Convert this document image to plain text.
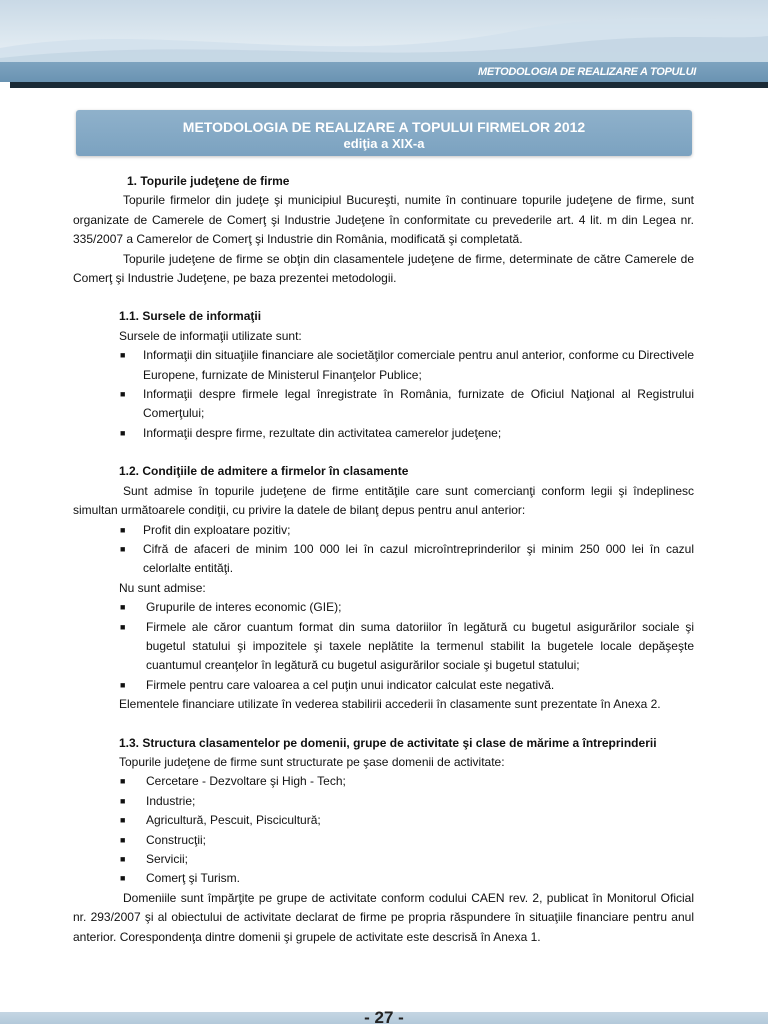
METODOLOGIA DE REALIZARE A TOPULUI
METODOLOGIA DE REALIZARE A TOPULUI FIRMELOR 2012
ediţia a XIX-a

1. Topurile judeţene de firme

Topurile firmelor din judeţe şi municipiul Bucureşti, numite în continuare topurile judeţene de firme, sunt organizate de Camerele de Comerţ şi Industrie Judeţene în conformitate cu prevederile art. 4 lit. m din Legea nr. 335/2007 a Camerelor de Comerţ şi Industrie din România, modificată şi completată.

Topurile judeţene de firme se obţin din clasamentele judeţene de firme, determinate de către Camerele de Comerţ şi Industrie Judeţene, pe baza prezentei metodologii.

1.1. Sursele de informaţii

Sursele de informaţii utilizate sunt:

■ Informaţii din situaţiile financiare ale societăţilor comerciale pentru anul anterior, conforme cu Directivele Europene, furnizate de Ministerul Finanţelor Publice;
■ Informaţii despre firmele legal înregistrate în România, furnizate de Oficiul Naţional al Registrului Comerţului;
■ Informaţii despre firme, rezultate din activitatea camerelor judeţene;

1.2. Condiţiile de admitere a firmelor în clasamente

Sunt admise în topurile judeţene de firme entităţile care sunt comercianţi conform legii şi îndeplinesc simultan următoarele condiţii, cu privire la datele de bilanţ depus pentru anul anterior:

■ Profit din exploatare pozitiv;
■ Cifră de afaceri de minim 100 000 lei în cazul microîntreprinderilor şi minim 250 000 lei în cazul celorlalte entităţi.

Nu sunt admise:

■ Grupurile de interes economic (GIE);
■ Firmele ale căror cuantum format din suma datoriilor în legătură cu bugetul asigurărilor sociale şi bugetul statului şi impozitele şi taxele neplătite la termenul stabilit la bugetele locale depăşeşte cuantumul creanţelor în legătură cu bugetul asigurărilor sociale şi bugetul statului;
■ Firmele pentru care valoarea a cel puţin unui indicator calculat este negativă.

Elementele financiare utilizate în vederea stabilirii accederii în clasamente sunt prezentate în Anexa 2.

1.3. Structura clasamentelor pe domenii, grupe de activitate şi clase de mărime a întreprinderii

Topurile judeţene de firme sunt structurate pe şase domenii de activitate:

■ Cercetare - Dezvoltare şi High - Tech;
■ Industrie;
■ Agricultură, Pescuit, Piscicultură;
■ Construcţii;
■ Servicii;
■ Comerţ şi Turism.

Domeniile sunt împărţite pe grupe de activitate conform codului CAEN rev. 2, publicat în Monitorul Oficial nr. 293/2007 şi al obiectului de activitate declarat de firme pe propria răspundere în situaţiile financiare pentru anul anterior. Corespondenţa dintre domenii şi grupele de activitate este descrisă în Anexa 1.

- 27 -
